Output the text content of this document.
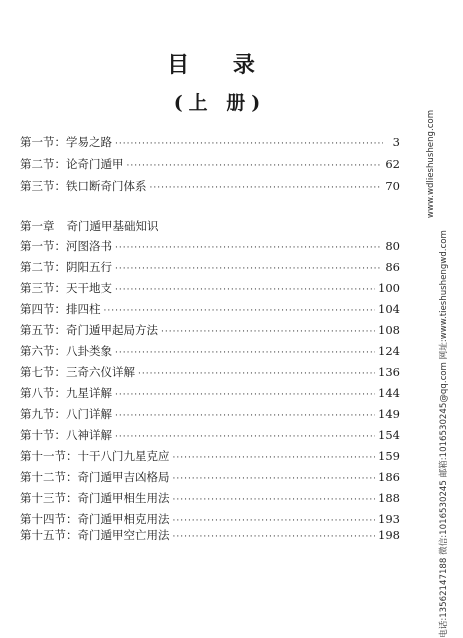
目 录
(上 册)
第一节：学易之路 ·····	3
第二节：论奇门遁甲 ·····	62
第三节：铁口断奇门体系 ·····	70
第一章 奇门遁甲基础知识
第一节：河图洛书 ·····	80
第二节：阴阳五行 ·····	86
第三节：天干地支 ·····	100
第四节：排四柱 ·····	104
第五节：奇门遁甲起局方法 ·····	108
第六节：八卦类象 ·····	124
第七节：三奇六仪详解 ·····	136
第八节：九星详解 ·····	144
第九节：八门详解 ·····	149
第十节：八神详解 ·····	154
第十一节：十干八门九星克应 ·····	159
第十二节：奇门遁甲吉凶格局 ·····	186
第十三节：奇门遁甲相生用法 ·····	188
第十四节：奇门遁甲相克用法 ·····	193
第十五节：奇门遁甲空亡用法 ·····	198
www.wdlieshusheng.com
电话:13562147188 微信:1016530245 邮箱:1016530245@qq.com 网址:www.tieshushengwd.com
